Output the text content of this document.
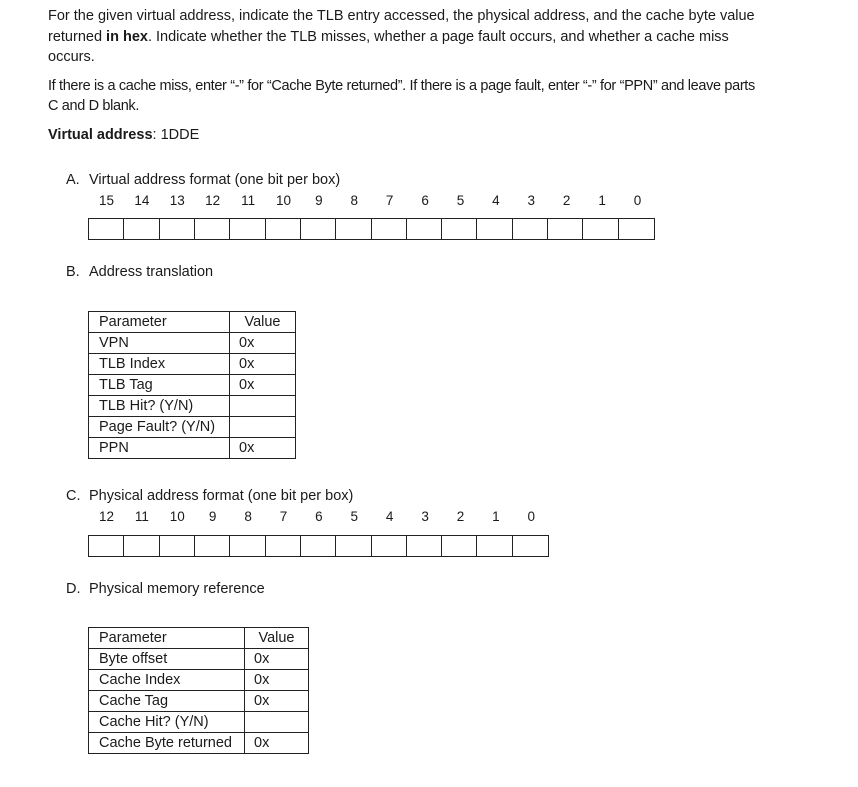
For the given virtual address, indicate the TLB entry accessed, the physical address, and the cache byte value returned in hex. Indicate whether the TLB misses, whether a page fault occurs, and whether a cache miss occurs.

If there is a cache miss, enter “-” for “Cache Byte returned”. If there is a page fault, enter “-” for “PPN” and leave parts C and D blank.

Virtual address: 1DDE

A. Virtual address format (one bit per box)
15	14	13	12	11	10	9	8	7	6	5	4	3	2	1	0
B. Address translation
Parameter	Value
VPN	0x
TLB Index	0x
TLB Tag	0x
TLB Hit? (Y/N)	
Page Fault? (Y/N)	
PPN	0x
C. Physical address format (one bit per box)
12	11	10	9	8	7	6	5	4	3	2	1	0
D. Physical memory reference
Parameter	Value
Byte offset	0x
Cache Index	0x
Cache Tag	0x
Cache Hit? (Y/N)	
Cache Byte returned	0x
